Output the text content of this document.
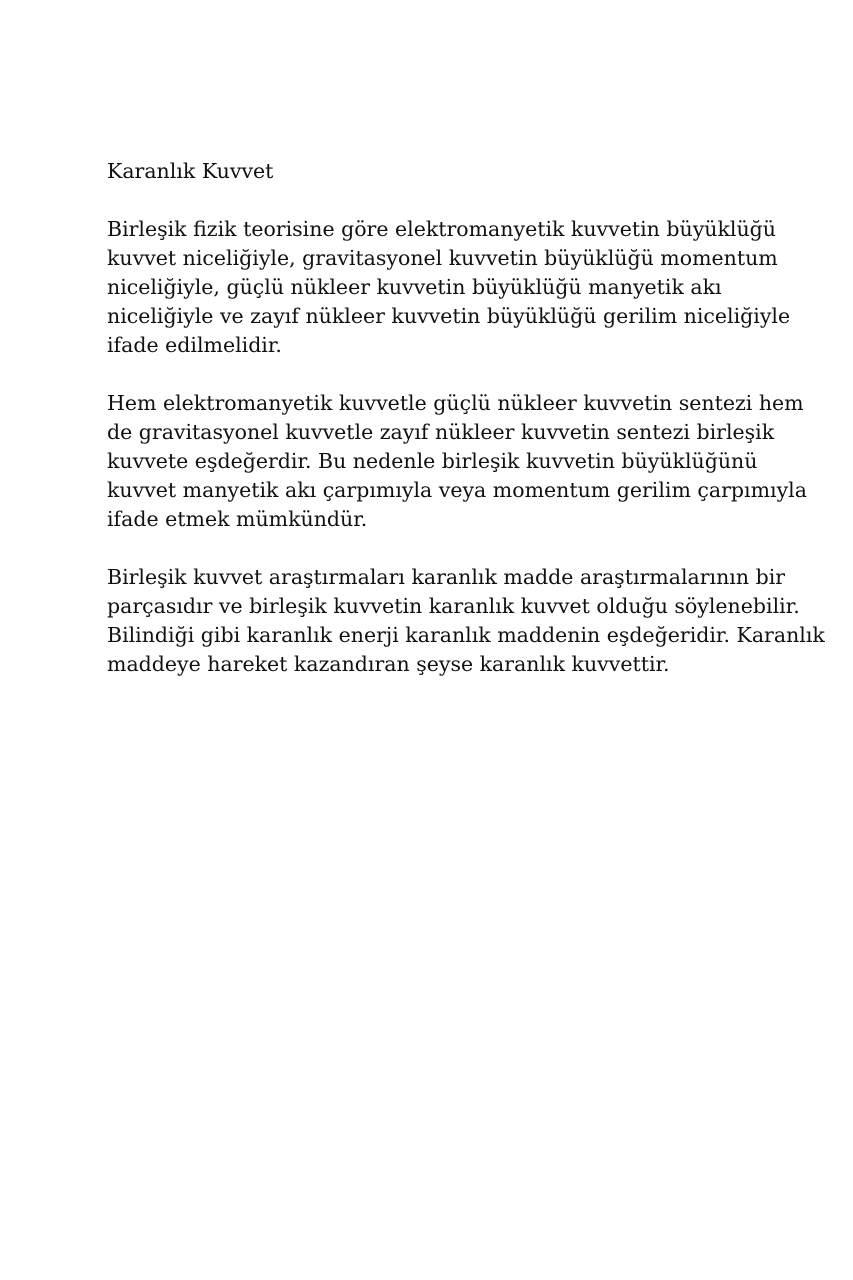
Karanlık Kuvvet

Birleşik fizik teorisine göre elektromanyetik kuvvetin büyüklüğü
kuvvet niceliğiyle, gravitasyonel kuvvetin büyüklüğü momentum
niceliğiyle, güçlü nükleer kuvvetin büyüklüğü manyetik akı
niceliğiyle ve zayıf nükleer kuvvetin büyüklüğü gerilim niceliğiyle
ifade edilmelidir.

Hem elektromanyetik kuvvetle güçlü nükleer kuvvetin sentezi hem
de gravitasyonel kuvvetle zayıf nükleer kuvvetin sentezi birleşik
kuvvete eşdeğerdir. Bu nedenle birleşik kuvvetin büyüklüğünü
kuvvet manyetik akı çarpımıyla veya momentum gerilim çarpımıyla
ifade etmek mümkündür.

Birleşik kuvvet araştırmaları karanlık madde araştırmalarının bir
parçasıdır ve birleşik kuvvetin karanlık kuvvet olduğu söylenebilir.
Bilindiği gibi karanlık enerji karanlık maddenin eşdeğeridir. Karanlık
maddeye hareket kazandıran şeyse karanlık kuvvettir.
